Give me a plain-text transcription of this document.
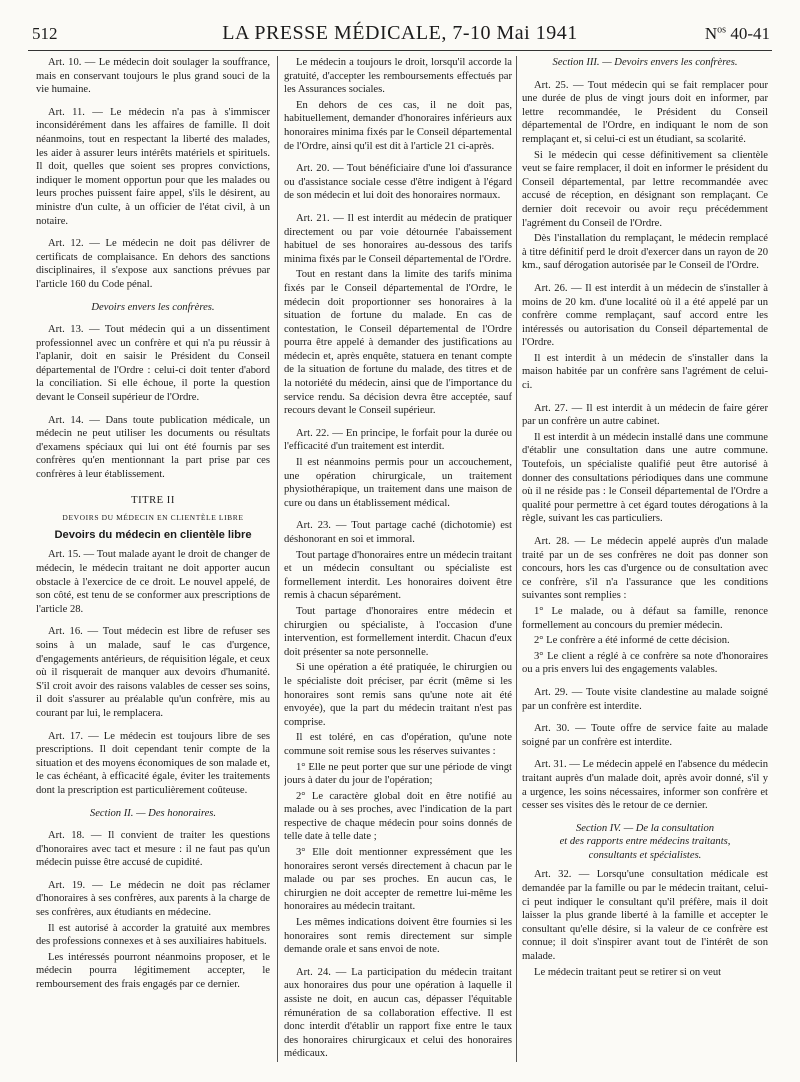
512	LA PRESSE MÉDICALE, 7-10 Mai 1941	$N^{os}$ 40-41

Art. 10. — Le médecin doit soulager la souffrance, mais en conservant toujours le plus grand souci de la vie humaine.

Art. 11. — Le médecin n'a pas à s'immiscer inconsidérément dans les affaires de famille. Il doit néanmoins, tout en respectant la liberté des malades, les aider à assurer leurs intérêts matériels et spirituels. Il doit, quelles que soient ses propres convictions, indiquer le moment opportun pour que les malades ou leurs proches puissent faire appel, s'ils le désirent, au ministre d'un culte, à un officier de l'état civil, à un notaire.

Art. 12. — Le médecin ne doit pas délivrer de certificats de complaisance. En dehors des sanctions disciplinaires, il s'expose aux sanctions prévues par l'article 160 du Code pénal.

Devoirs envers les confrères.

Art. 13. — Tout médecin qui a un dissentiment professionnel avec un confrère et qui n'a pu réussir à l'aplanir, doit en saisir le Président du Conseil départemental de l'Ordre : celui-ci doit tenter d'abord la conciliation. Si elle échoue, il porte la question devant le Conseil supérieur de l'Ordre.

Art. 14. — Dans toute publication médicale, un médecin ne peut utiliser les documents ou résultats d'examens spéciaux qui lui ont été fournis par ses confrères qu'en mentionnant la part prise par ces confrères à leur établissement.

TITRE II
DEVOIRS DU MÉDECIN EN CLIENTÈLE LIBRE
Devoirs du médecin en clientèle libre

Art. 15. — Tout malade ayant le droit de changer de médecin, le médecin traitant ne doit apporter aucun obstacle à l'exercice de ce droit. Le nouvel appelé, de son côté, est tenu de se conformer aux prescriptions de l'article 28.

Art. 16. — Tout médecin est libre de refuser ses soins à un malade, sauf le cas d'urgence, d'engagements antérieurs, de réquisition légale, et ceux où il risquerait de manquer aux devoirs d'humanité. S'il croit avoir des raisons valables de cesser ses soins, il doit s'assurer au préalable qu'un confrère, mis au courant par lui, le remplacera.

Art. 17. — Le médecin est toujours libre de ses prescriptions. Il doit cependant tenir compte de la situation et des moyens économiques de son malade et, le cas échéant, à efficacité égale, éviter les traitements dont la prescription est particulièrement coûteuse.

Section II. — Des honoraires.

Art. 18. — Il convient de traiter les questions d'honoraires avec tact et mesure : il ne faut pas qu'un médecin puisse être accusé de cupidité.

Art. 19. — Le médecin ne doit pas réclamer d'honoraires à ses confrères, aux parents à la charge de ses confrères, aux étudiants en médecine.

Il est autorisé à accorder la gratuité aux membres des professions connexes et à ses auxiliaires habituels.

Les intéressés pourront néanmoins proposer, et le médecin pourra légitimement accepter, le remboursement des frais engagés par ce dernier.

Le médecin a toujours le droit, lorsqu'il accorde la gratuité, d'accepter les remboursements effectués par les Assurances sociales.

En dehors de ces cas, il ne doit pas, habituellement, demander d'honoraires inférieurs aux honoraires minima fixés par le Conseil départemental de l'Ordre, ainsi qu'il est dit à l'article 21 ci-après.

Art. 20. — Tout bénéficiaire d'une loi d'assurance ou d'assistance sociale cesse d'être indigent à l'égard de son médecin et lui doit des honoraires normaux.

Art. 21. — Il est interdit au médecin de pratiquer directement ou par voie détournée l'abaissement habituel de ses honoraires au-dessous des tarifs minima fixés par le Conseil départemental de l'Ordre.

Tout en restant dans la limite des tarifs minima fixés par le Conseil départemental de l'Ordre, le médecin doit proportionner ses honoraires à la situation de fortune du malade. En cas de contestation, le Conseil départemental de l'Ordre pourra être appelé à demander des justifications au médecin et, après enquête, statuera en tenant compte de la situation de fortune du malade, des titres et de la notoriété du médecin, ainsi que de l'importance du service rendu. Sa décision devra être acceptée, sauf recours devant le Conseil supérieur.

Art. 22. — En principe, le forfait pour la durée ou l'efficacité d'un traitement est interdit.

Il est néanmoins permis pour un accouchement, une opération chirurgicale, un traitement physiothérapique, un traitement dans une maison de cure ou dans un établissement médical.

Art. 23. — Tout partage caché (dichotomie) est déshonorant en soi et immoral.

Tout partage d'honoraires entre un médecin traitant et un médecin consultant ou spécialiste est formellement interdit. Les honoraires doivent être remis à chacun séparément.

Tout partage d'honoraires entre médecin et chirurgien ou spécialiste, à l'occasion d'une intervention, est formellement interdit. Chacun d'eux doit présenter sa note personnelle.

Si une opération a été pratiquée, le chirurgien ou le spécialiste doit préciser, par écrit (même si les honoraires sont remis sans qu'une note ait été envoyée), que la part du médecin traitant n'est pas comprise.

Il est toléré, en cas d'opération, qu'une note commune soit remise sous les réserves suivantes :

1° Elle ne peut porter que sur une période de vingt jours à dater du jour de l'opération;

2° Le caractère global doit en être notifié au malade ou à ses proches, avec l'indication de la part respective de chaque médecin pour soins donnés de telle date à telle date ;

3° Elle doit mentionner expressément que les honoraires seront versés directement à chacun par le malade ou par ses proches. En aucun cas, le chirurgien ne doit accepter de remettre lui-même les honoraires au médecin traitant.

Les mêmes indications doivent être fournies si les honoraires sont remis directement sur simple demande orale et sans envoi de note.

Art. 24. — La participation du médecin traitant aux honoraires dus pour une opération à laquelle il assiste ne doit, en aucun cas, dépasser l'équitable rémunération de sa collaboration effective. Il est donc interdit d'établir un rapport fixe entre le taux des honoraires chirurgicaux et celui des honoraires médicaux.

Section III. — Devoirs envers les confrères.

Art. 25. — Tout médecin qui se fait remplacer pour une durée de plus de vingt jours doit en informer, par lettre recommandée, le Président du Conseil départemental de l'Ordre, en indiquant le nom de son remplaçant et, si celui-ci est un étudiant, sa scolarité.

Si le médecin qui cesse définitivement sa clientèle veut se faire remplacer, il doit en informer le président du Conseil départemental, par lettre recommandée avec accusé de réception, en désignant son remplaçant. Ce dernier doit recevoir ou avoir reçu précédemment l'agrément du Conseil de l'Ordre.

Dès l'installation du remplaçant, le médecin remplacé à titre définitif perd le droit d'exercer dans un rayon de 20 km., sauf dérogation autorisée par le Conseil de l'Ordre.

Art. 26. — Il est interdit à un médecin de s'installer à moins de 20 km. d'une localité où il a été appelé par un confrère comme remplaçant, sauf accord entre les intéressés ou autorisation du Conseil départemental de l'Ordre.

Il est interdit à un médecin de s'installer dans la maison habitée par un confrère sans l'agrément de celui-ci.

Art. 27. — Il est interdit à un médecin de faire gérer par un confrère un autre cabinet.

Il est interdit à un médecin installé dans une commune d'établir une consultation dans une autre commune. Toutefois, un spécialiste qualifié peut être autorisé à donner des consultations périodiques dans une commune où il ne réside pas : le Conseil départemental de l'Ordre a qualité pour permettre à cet égard toutes dérogations à la règle, suivant les cas particuliers.

Art. 28. — Le médecin appelé auprès d'un malade traité par un de ses confrères ne doit pas donner son concours, hors les cas d'urgence ou de consultation avec ce confrère, s'il n'a l'assurance que les conditions suivantes sont remplies :

1° Le malade, ou à défaut sa famille, renonce formellement au concours du premier médecin.

2° Le confrère a été informé de cette décision.

3° Le client a réglé à ce confrère sa note d'honoraires ou a pris envers lui des engagements valables.

Art. 29. — Toute visite clandestine au malade soigné par un confrère est interdite.

Art. 30. — Toute offre de service faite au malade soigné par un confrère est interdite.

Art. 31. — Le médecin appelé en l'absence du médecin traitant auprès d'un malade doit, après avoir donné, s'il y a urgence, les soins nécessaires, informer son confrère et cesser ses visites dès le retour de ce dernier.

Section IV. — De la consultation
et des rapports entre médecins traitants,
consultants et spécialistes.

Art. 32. — Lorsqu'une consultation médicale est demandée par la famille ou par le médecin traitant, celui-ci peut indiquer le consultant qu'il préfère, mais il doit laisser la plus grande liberté à la famille et accepter le consultant qu'elle désire, si la valeur de ce confrère est connue; il doit s'inspirer avant tout de l'intérêt de son malade.

Le médecin traitant peut se retirer si on veut
